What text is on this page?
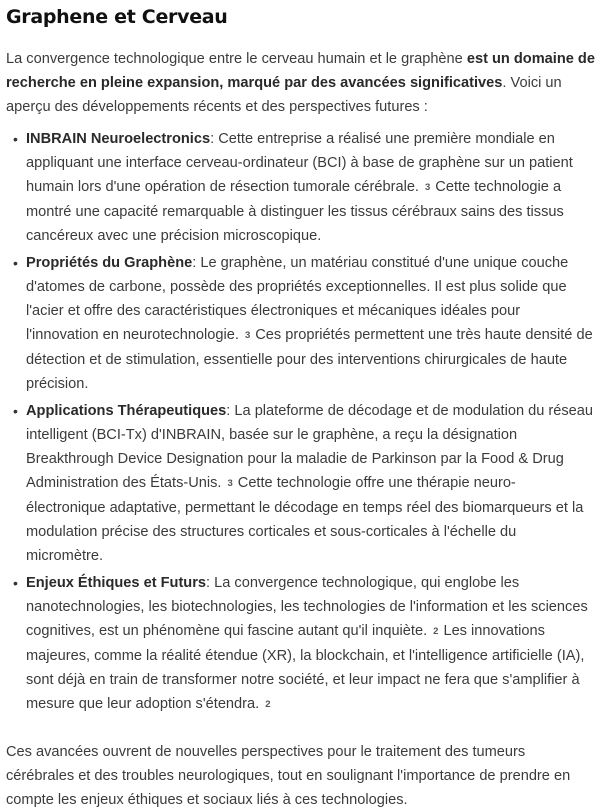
Graphene et Cerveau

La convergence technologique entre le cerveau humain et le graphène est un domaine de recherche en pleine expansion, marqué par des avancées significatives. Voici un aperçu des développements récents et des perspectives futures :

• INBRAIN Neuroelectronics: Cette entreprise a réalisé une première mondiale en appliquant une interface cerveau-ordinateur (BCI) à base de graphène sur un patient humain lors d'une opération de résection tumorale cérébrale. 3 Cette technologie a montré une capacité remarquable à distinguer les tissus cérébraux sains des tissus cancéreux avec une précision microscopique.
• Propriétés du Graphène: Le graphène, un matériau constitué d'une unique couche d'atomes de carbone, possède des propriétés exceptionnelles. Il est plus solide que l'acier et offre des caractéristiques électroniques et mécaniques idéales pour l'innovation en neurotechnologie. 3 Ces propriétés permettent une très haute densité de détection et de stimulation, essentielle pour des interventions chirurgicales de haute précision.
• Applications Thérapeutiques: La plateforme de décodage et de modulation du réseau intelligent (BCI-Tx) d'INBRAIN, basée sur le graphène, a reçu la désignation Breakthrough Device Designation pour la maladie de Parkinson par la Food & Drug Administration des États-Unis. 3 Cette technologie offre une thérapie neuro-électronique adaptative, permettant le décodage en temps réel des biomarqueurs et la modulation précise des structures corticales et sous-corticales à l'échelle du micromètre.
• Enjeux Éthiques et Futurs: La convergence technologique, qui englobe les nanotechnologies, les biotechnologies, les technologies de l'information et les sciences cognitives, est un phénomène qui fascine autant qu'il inquiète. 2 Les innovations majeures, comme la réalité étendue (XR), la blockchain, et l'intelligence artificielle (IA), sont déjà en train de transformer notre société, et leur impact ne fera que s'amplifier à mesure que leur adoption s'étendra. 2

Ces avancées ouvrent de nouvelles perspectives pour le traitement des tumeurs cérébrales et des troubles neurologiques, tout en soulignant l'importance de prendre en compte les enjeux éthiques et sociaux liés à ces technologies.
